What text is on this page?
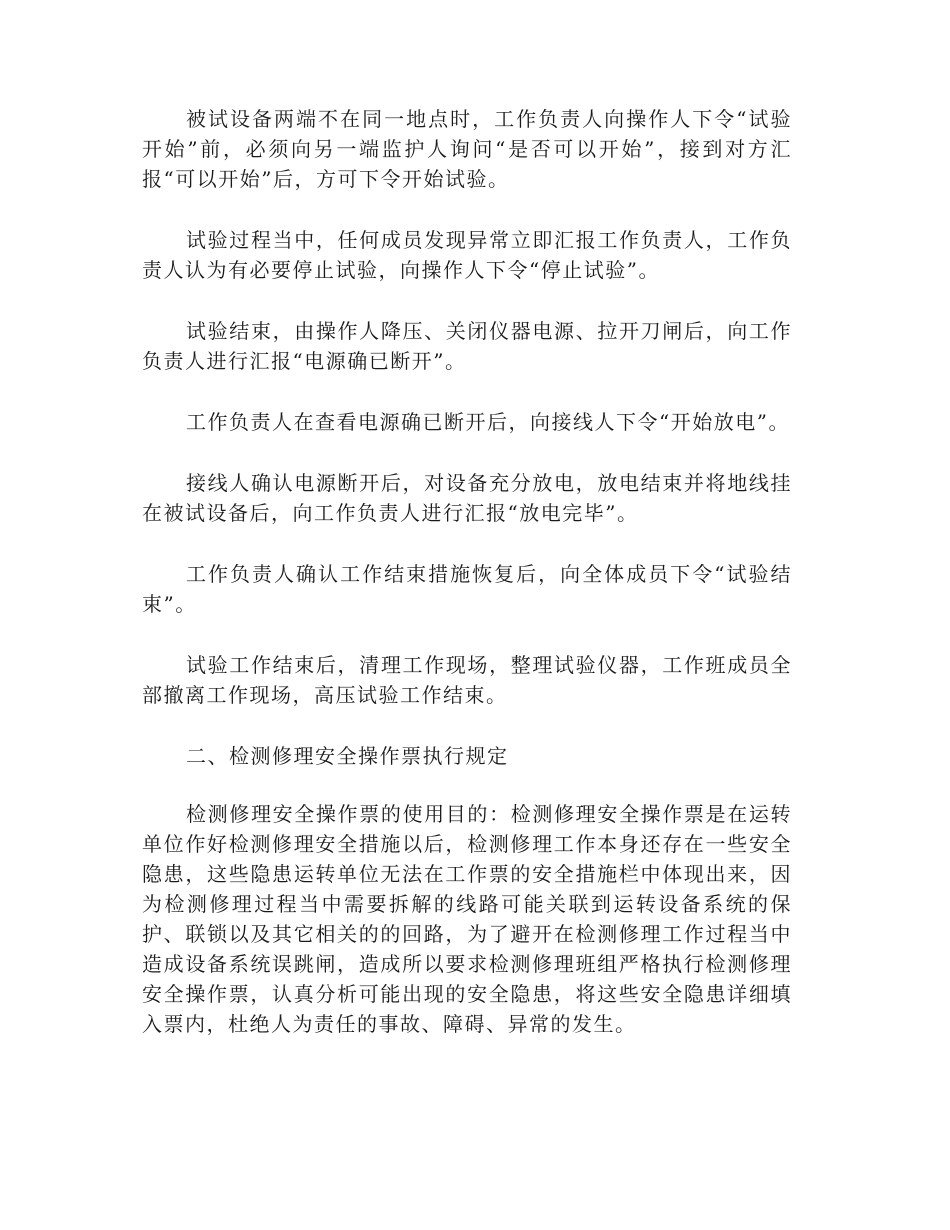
被试设备两端不在同一地点时，工作负责人向操作人下令“试验开始”前，必须向另一端监护人询问“是否可以开始”，接到对方汇报“可以开始”后，方可下令开始试验。

试验过程当中，任何成员发现异常立即汇报工作负责人，工作负责人认为有必要停止试验，向操作人下令“停止试验”。

试验结束，由操作人降压、关闭仪器电源、拉开刀闸后，向工作负责人进行汇报“电源确已断开”。

工作负责人在查看电源确已断开后，向接线人下令“开始放电”。

接线人确认电源断开后，对设备充分放电，放电结束并将地线挂在被试设备后，向工作负责人进行汇报“放电完毕”。

工作负责人确认工作结束措施恢复后，向全体成员下令“试验结束”。

试验工作结束后，清理工作现场，整理试验仪器，工作班成员全部撤离工作现场，高压试验工作结束。

二、检测修理安全操作票执行规定

检测修理安全操作票的使用目的：检测修理安全操作票是在运转单位作好检测修理安全措施以后，检测修理工作本身还存在一些安全隐患，这些隐患运转单位无法在工作票的安全措施栏中体现出来，因为检测修理过程当中需要拆解的线路可能关联到运转设备系统的保护、联锁以及其它相关的的回路，为了避开在检测修理工作过程当中造成设备系统误跳闸，造成所以要求检测修理班组严格执行检测修理安全操作票，认真分析可能出现的安全隐患，将这些安全隐患详细填入票内，杜绝人为责任的事故、障碍、异常的发生。
